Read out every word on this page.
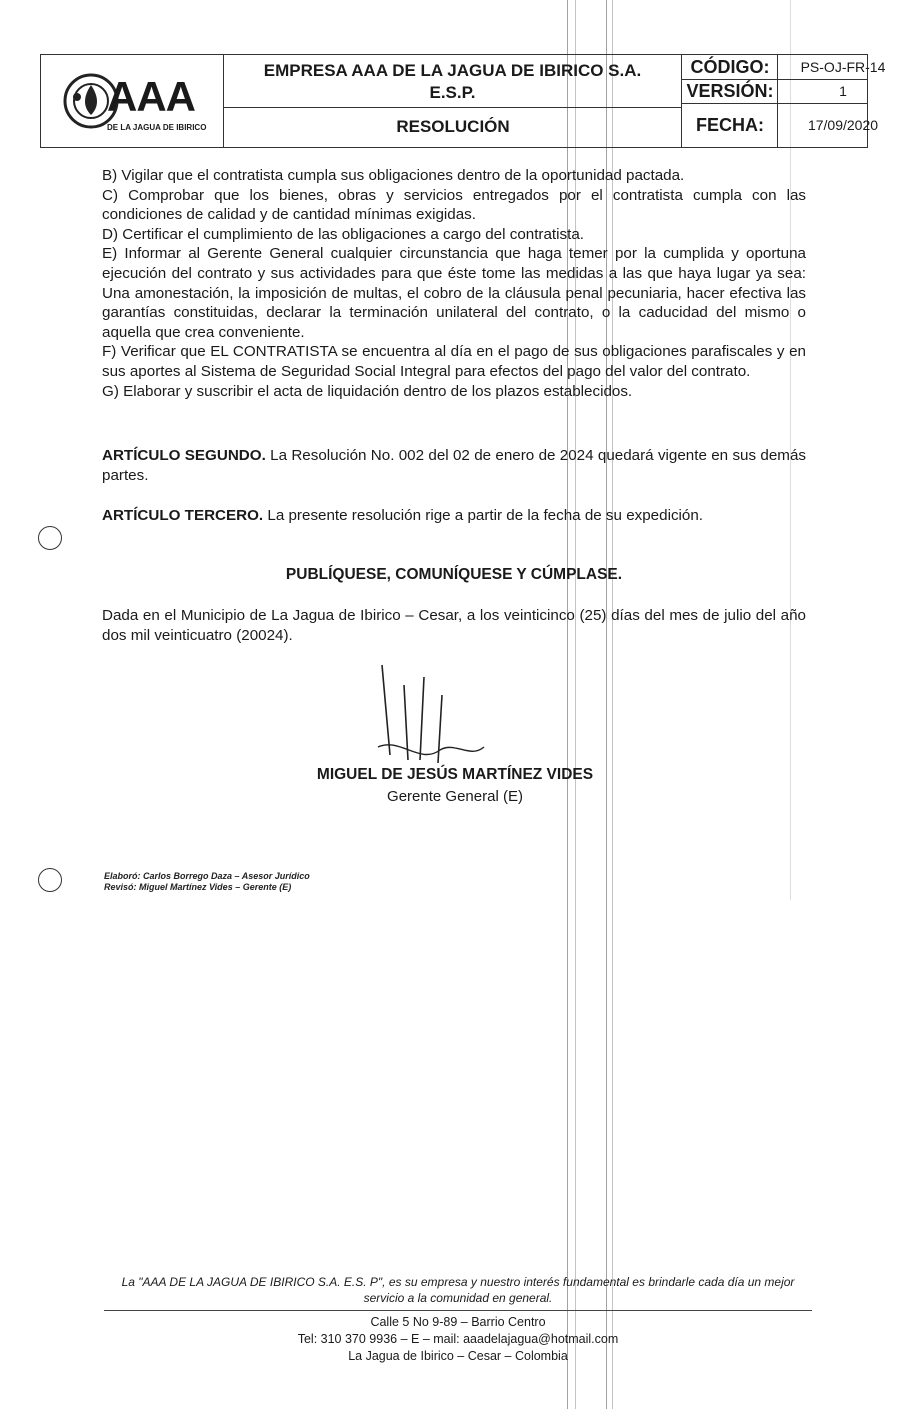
AAA
DE LA JAGUA DE IBIRICO
EMPRESA AAA DE LA JAGUA DE IBIRICO S.A.
E.S.P.
RESOLUCIÓN
CÓDIGO:	PS-OJ-FR-14
VERSIÓN:	1
FECHA:	17/09/2020

B) Vigilar que el contratista cumpla sus obligaciones dentro de la oportunidad pactada.

C) Comprobar que los bienes, obras y servicios entregados por el contratista cumpla con las condiciones de calidad y de cantidad mínimas exigidas.

D) Certificar el cumplimiento de las obligaciones a cargo del contratista.

E) Informar al Gerente General cualquier circunstancia que haga temer por la cumplida y oportuna ejecución del contrato y sus actividades para que éste tome las medidas a las que haya lugar ya sea: Una amonestación, la imposición de multas, el cobro de la cláusula penal pecuniaria, hacer efectiva las garantías constituidas, declarar la terminación unilateral del contrato, o la caducidad del mismo o aquella que crea conveniente.

F) Verificar que EL CONTRATISTA se encuentra al día en el pago de sus obligaciones parafiscales y en sus aportes al Sistema de Seguridad Social Integral para efectos del pago del valor del contrato.

G) Elaborar y suscribir el acta de liquidación dentro de los plazos establecidos.

ARTÍCULO SEGUNDO. La Resolución No. 002 del 02 de enero de 2024 quedará vigente en sus demás partes.

ARTÍCULO TERCERO. La presente resolución rige a partir de la fecha de su expedición.

PUBLÍQUESE, COMUNÍQUESE Y CÚMPLASE.

Dada en el Municipio de La Jagua de Ibirico – Cesar, a los veinticinco (25) días del mes de julio del año dos mil veinticuatro (20024).

MIGUEL DE JESÚS MARTÍNEZ VIDES
Gerente General (E)
Elaboró: Carlos Borrego Daza – Asesor Jurídico
Revisó: Miguel Martínez Vides – Gerente (E)
La "AAA DE LA JAGUA DE IBIRICO S.A. E.S. P", es su empresa y nuestro interés fundamental es brindarle cada día un mejor
servicio a la comunidad en general.
Calle 5 No 9-89 – Barrio Centro
Tel: 310 370 9936 – E – mail: aaadelajagua@hotmail.com
La Jagua de Ibirico – Cesar – Colombia
